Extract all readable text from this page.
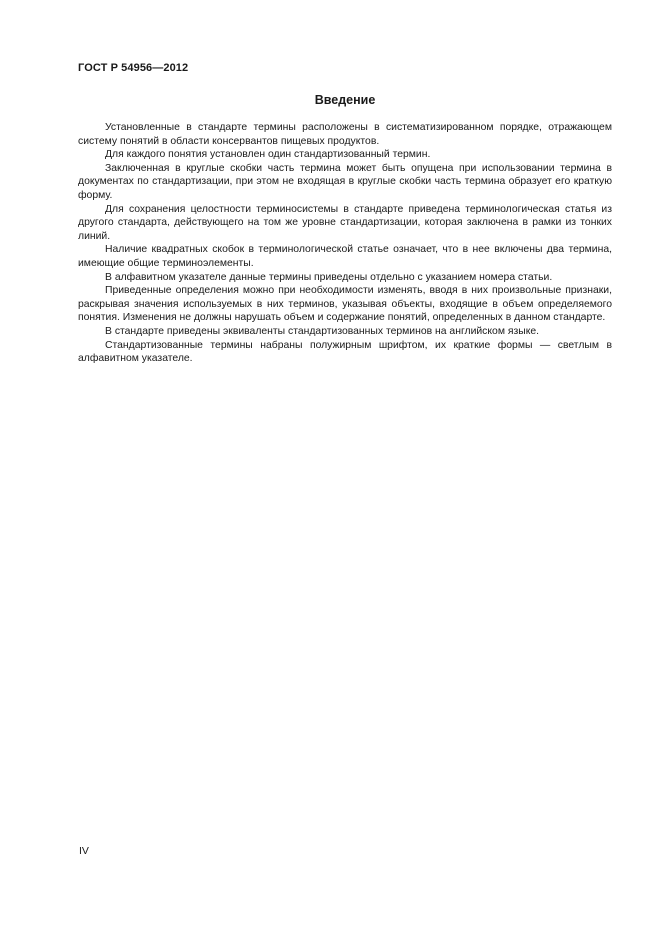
ГОСТ Р 54956—2012
Введение

Установленные в стандарте термины расположены в систематизированном порядке, отражающем систему понятий в области консервантов пищевых продуктов.

Для каждого понятия установлен один стандартизованный термин.

Заключенная в круглые скобки часть термина может быть опущена при использовании термина в документах по стандартизации, при этом не входящая в круглые скобки часть термина образует его краткую форму.

Для сохранения целостности терминосистемы в стандарте приведена терминологическая статья из другого стандарта, действующего на том же уровне стандартизации, которая заключена в рамки из тонких линий.

Наличие квадратных скобок в терминологической статье означает, что в нее включены два термина, имеющие общие терминоэлементы.

В алфавитном указателе данные термины приведены отдельно с указанием номера статьи.

Приведенные определения можно при необходимости изменять, вводя в них произвольные признаки, раскрывая значения используемых в них терминов, указывая объекты, входящие в объем определяемого понятия. Изменения не должны нарушать объем и содержание понятий, определенных в данном стандарте.

В стандарте приведены эквиваленты стандартизованных терминов на английском языке.

Стандартизованные термины набраны полужирным шрифтом, их краткие формы — светлым в алфавитном указателе.

IV
